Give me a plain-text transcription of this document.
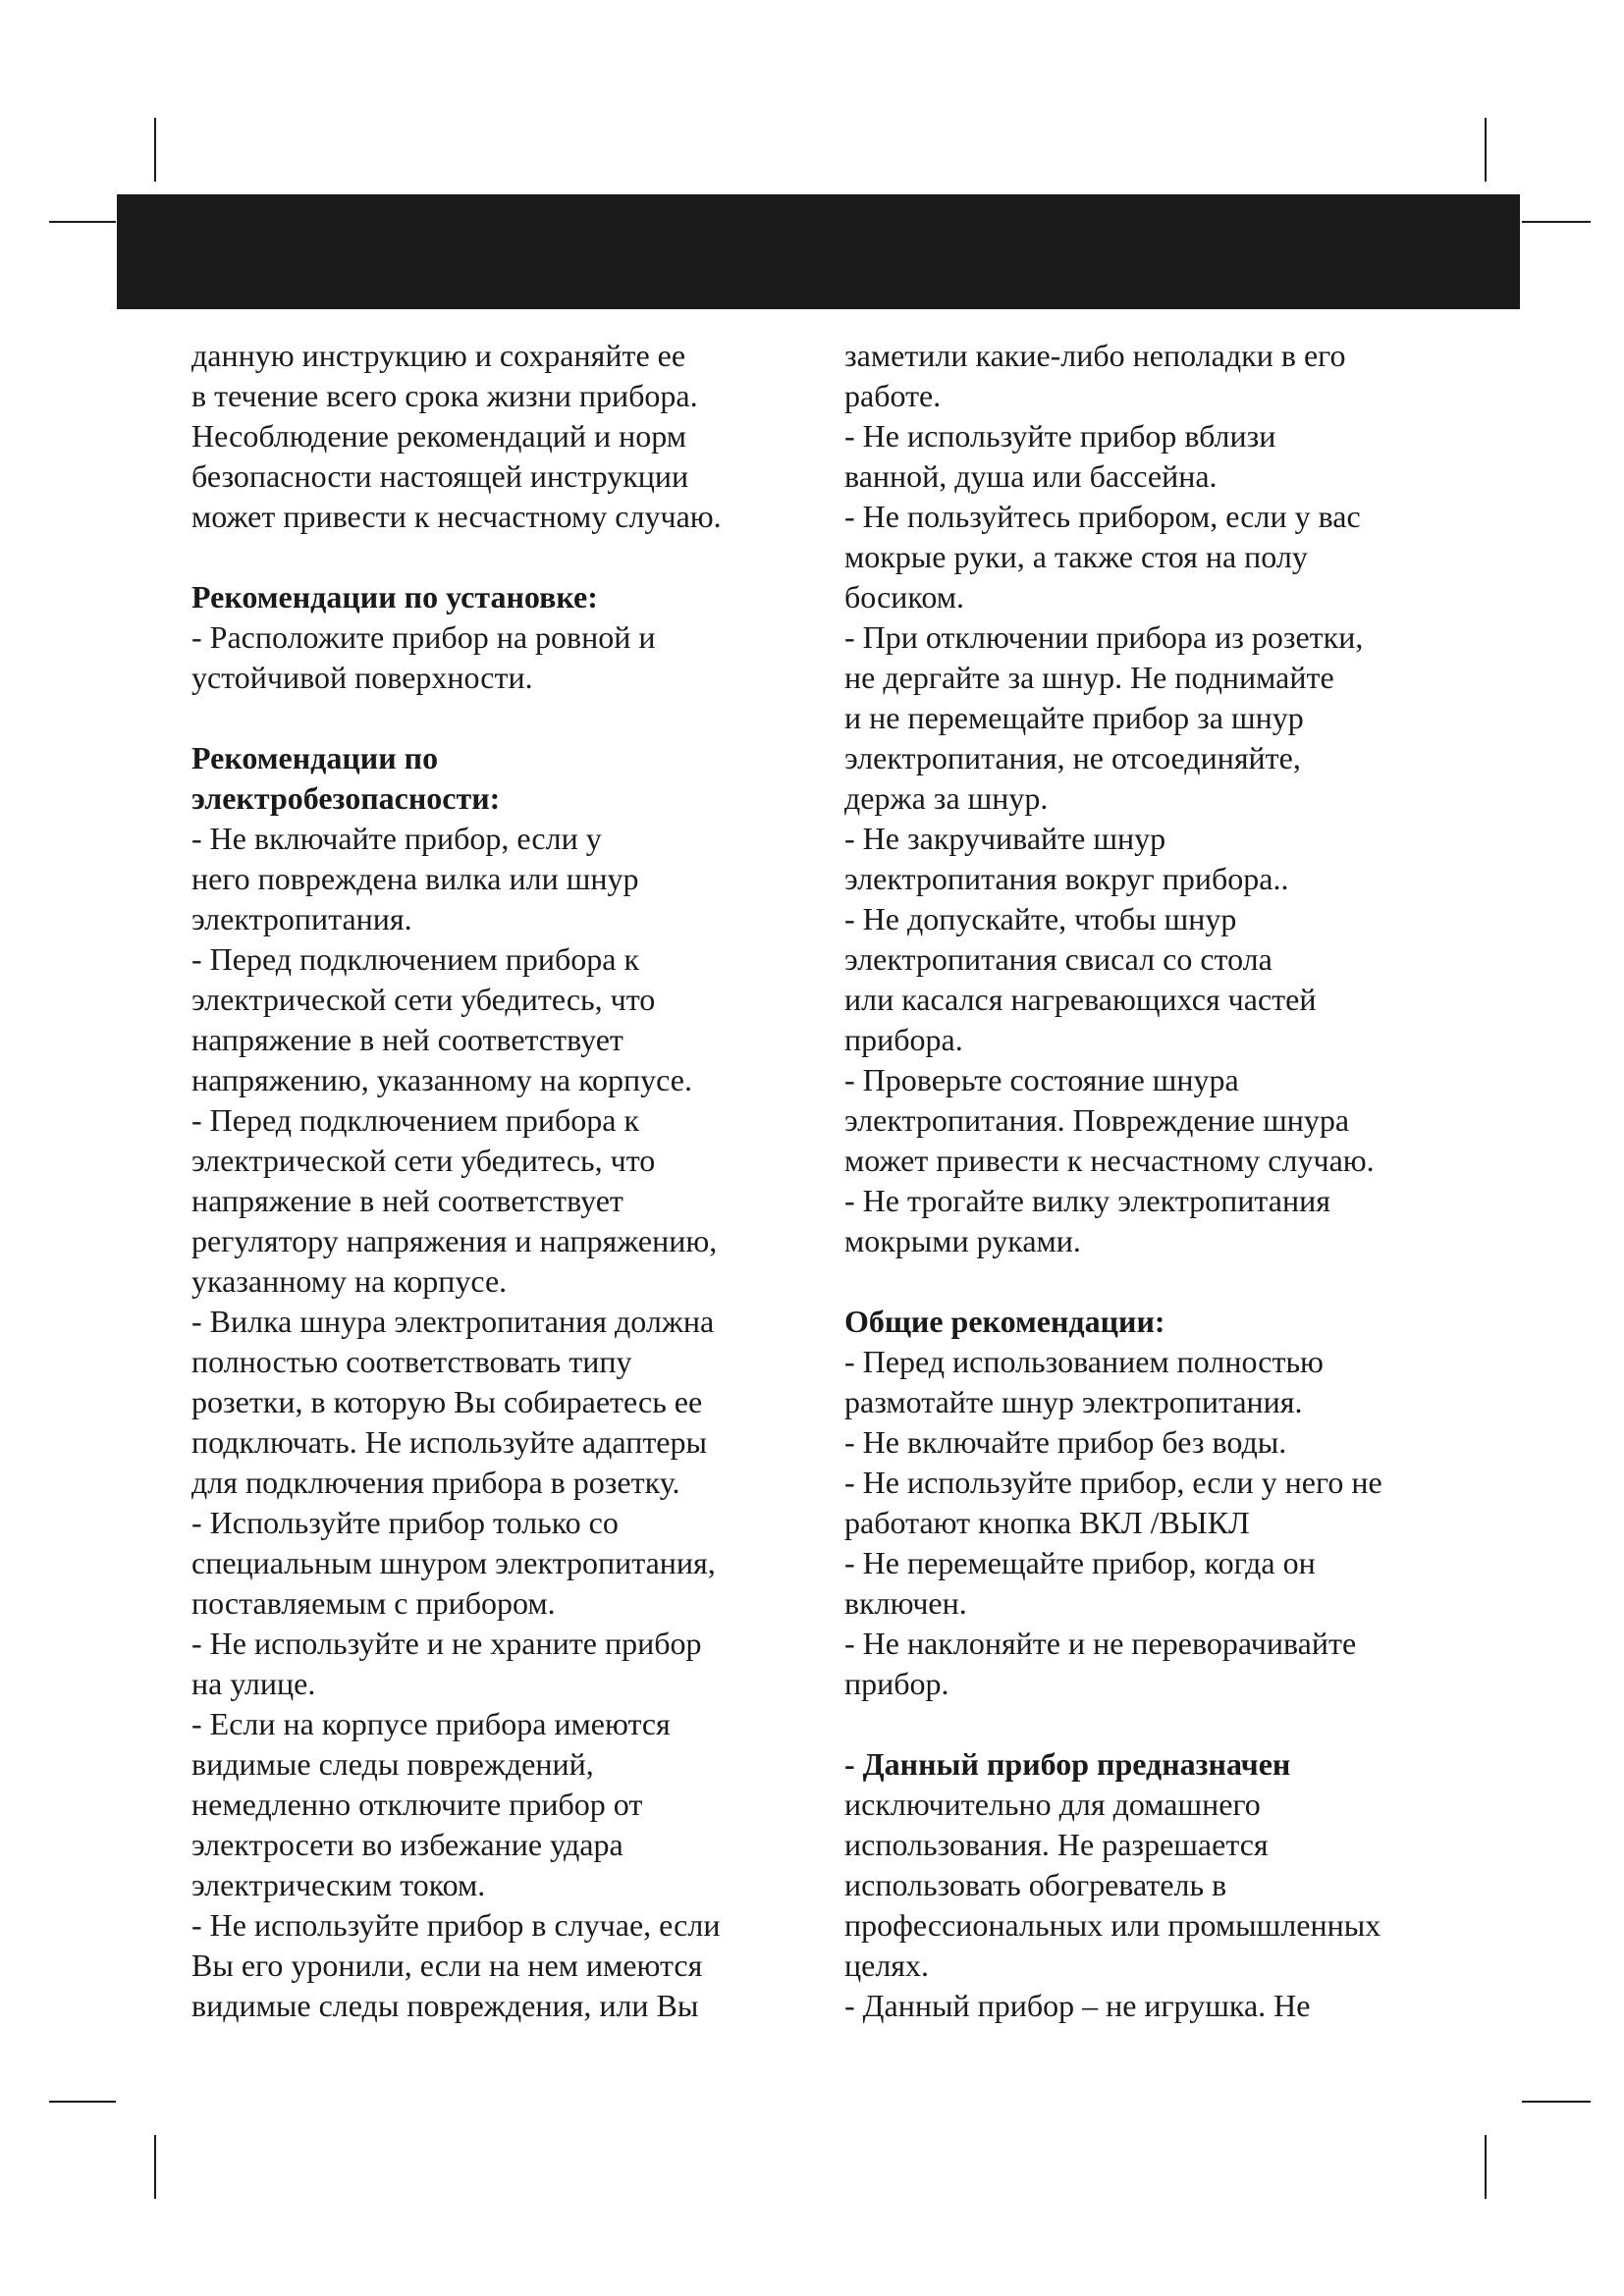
данную инструкцию и сохраняйте ее
в течение всего срока жизни прибора.
Несоблюдение рекомендаций и норм
безопасности настоящей инструкции
может привести к несчастному случаю.
Рекомендации по установке:
- Расположите прибор на ровной и
устойчивой поверхности.
Рекомендации по
электробезопасности:
- Не включайте прибор, если у
него повреждена вилка или шнур
электропитания.
- Перед подключением прибора к
электрической сети убедитесь, что
напряжение в ней соответствует
напряжению, указанному на корпусе.
- Перед подключением прибора к
электрической сети убедитесь, что
напряжение в ней соответствует
регулятору напряжения и напряжению,
указанному на корпусе.
- Вилка шнура электропитания должна
полностью соответствовать типу
розетки, в которую Вы собираетесь ее
подключать. Не используйте адаптеры
для подключения прибора в розетку.
- Используйте прибор только со
специальным шнуром электропитания,
поставляемым с прибором.
- Не используйте и не храните прибор
на улице.
- Если на корпусе прибора имеются
видимые следы повреждений,
немедленно отключите прибор от
электросети во избежание удара
электрическим током.
- Не используйте прибор в случае, если
Вы его уронили, если на нем имеются
видимые следы повреждения, или Вы
заметили какие-либо неполадки в его
работе.
- Не используйте прибор вблизи
ванной, душа или бассейна.
- Не пользуйтесь прибором, если у вас
мокрые руки, а также стоя на полу
босиком.
- При отключении прибора из розетки,
не дергайте за шнур. Не поднимайте
и не перемещайте прибор за шнур
электропитания, не отсоединяйте,
держа за шнур.
- Не закручивайте шнур
электропитания вокруг прибора..
- Не допускайте, чтобы шнур
электропитания свисал со стола
или касался нагревающихся частей
прибора.
- Проверьте состояние шнура
электропитания. Повреждение шнура
может привести к несчастному случаю.
- Не трогайте вилку электропитания
мокрыми руками.
Общие рекомендации:
- Перед использованием полностью
размотайте шнур электропитания.
- Не включайте прибор без воды.
- Не используйте прибор, если у него не
работают кнопка ВКЛ /ВЫКЛ
- Не перемещайте прибор, когда он
включен.
- Не наклоняйте и не переворачивайте
прибор.
- Данный прибор предназначен
исключительно для домашнего
использования. Не разрешается
использовать обогреватель в
профессиональных или промышленных
целях.
- Данный прибор – не игрушка. Не
